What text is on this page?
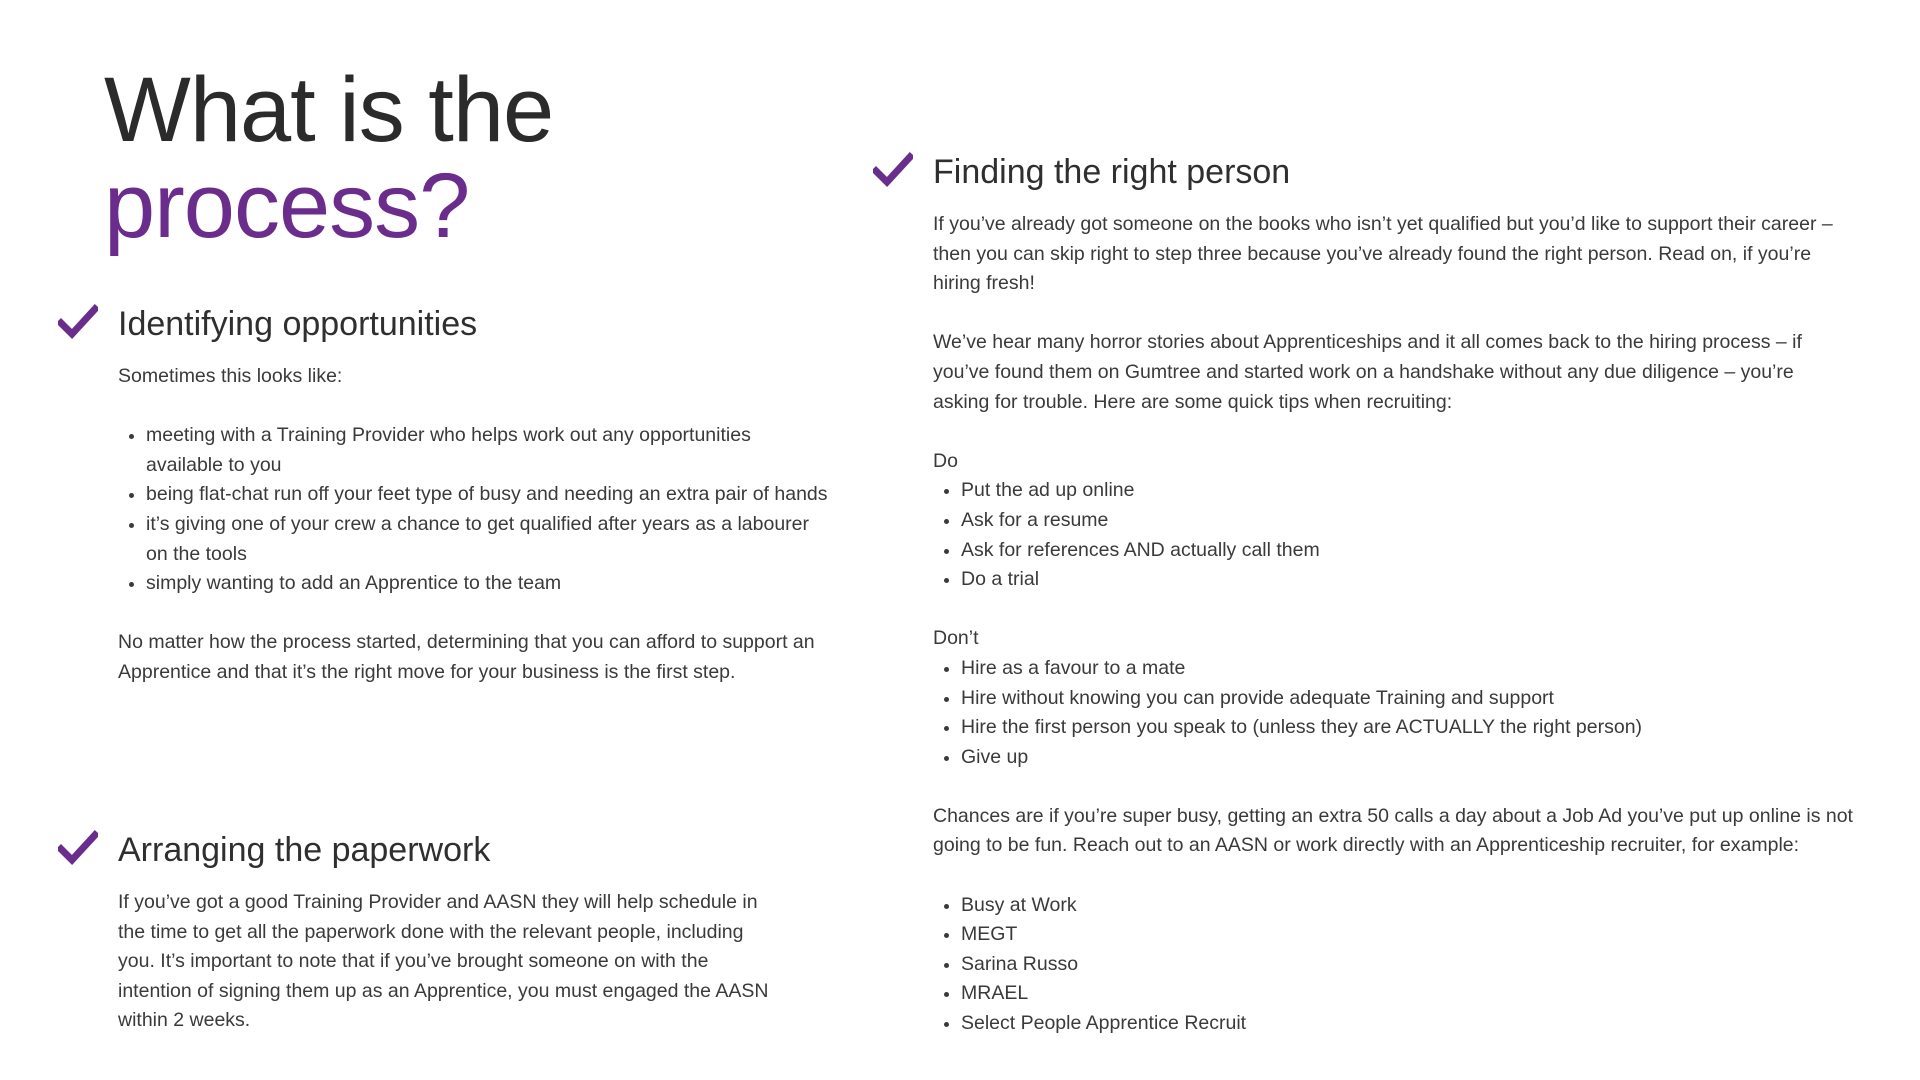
What is the
process?
Identifying opportunities

Sometimes this looks like:

meeting with a Training Provider who helps work out any opportunities available to you
being flat-chat run off your feet type of busy and needing an extra pair of hands
it’s giving one of your crew a chance to get qualified after years as a labourer on the tools
simply wanting to add an Apprentice to the team

No matter how the process started, determining that you can afford to support an Apprentice and that it’s the right move for your business is the first step.

Arranging the paperwork

If you’ve got a good Training Provider and AASN they will help schedule in the time to get all the paperwork done with the relevant people, including you. It’s important to note that if you’ve brought someone on with the intention of signing them up as an Apprentice, you must engaged the AASN within 2 weeks.

Finding the right person

If you’ve already got someone on the books who isn’t yet qualified but you’d like to support their career – then you can skip right to step three because you’ve already found the right person. Read on, if you’re hiring fresh!

We’ve hear many horror stories about Apprenticeships and it all comes back to the hiring process – if you’ve found them on Gumtree and started work on a handshake without any due diligence – you’re asking for trouble. Here are some quick tips when recruiting:

Do

Put the ad up online
Ask for a resume
Ask for references AND actually call them
Do a trial

Don’t

Hire as a favour to a mate
Hire without knowing you can provide adequate Training and support
Hire the first person you speak to (unless they are ACTUALLY the right person)
Give up

Chances are if you’re super busy, getting an extra 50 calls a day about a Job Ad you’ve put up online is not going to be fun. Reach out to an AASN or work directly with an Apprenticeship recruiter, for example:

Busy at Work
MEGT
Sarina Russo
MRAEL
Select People Apprentice Recruit
